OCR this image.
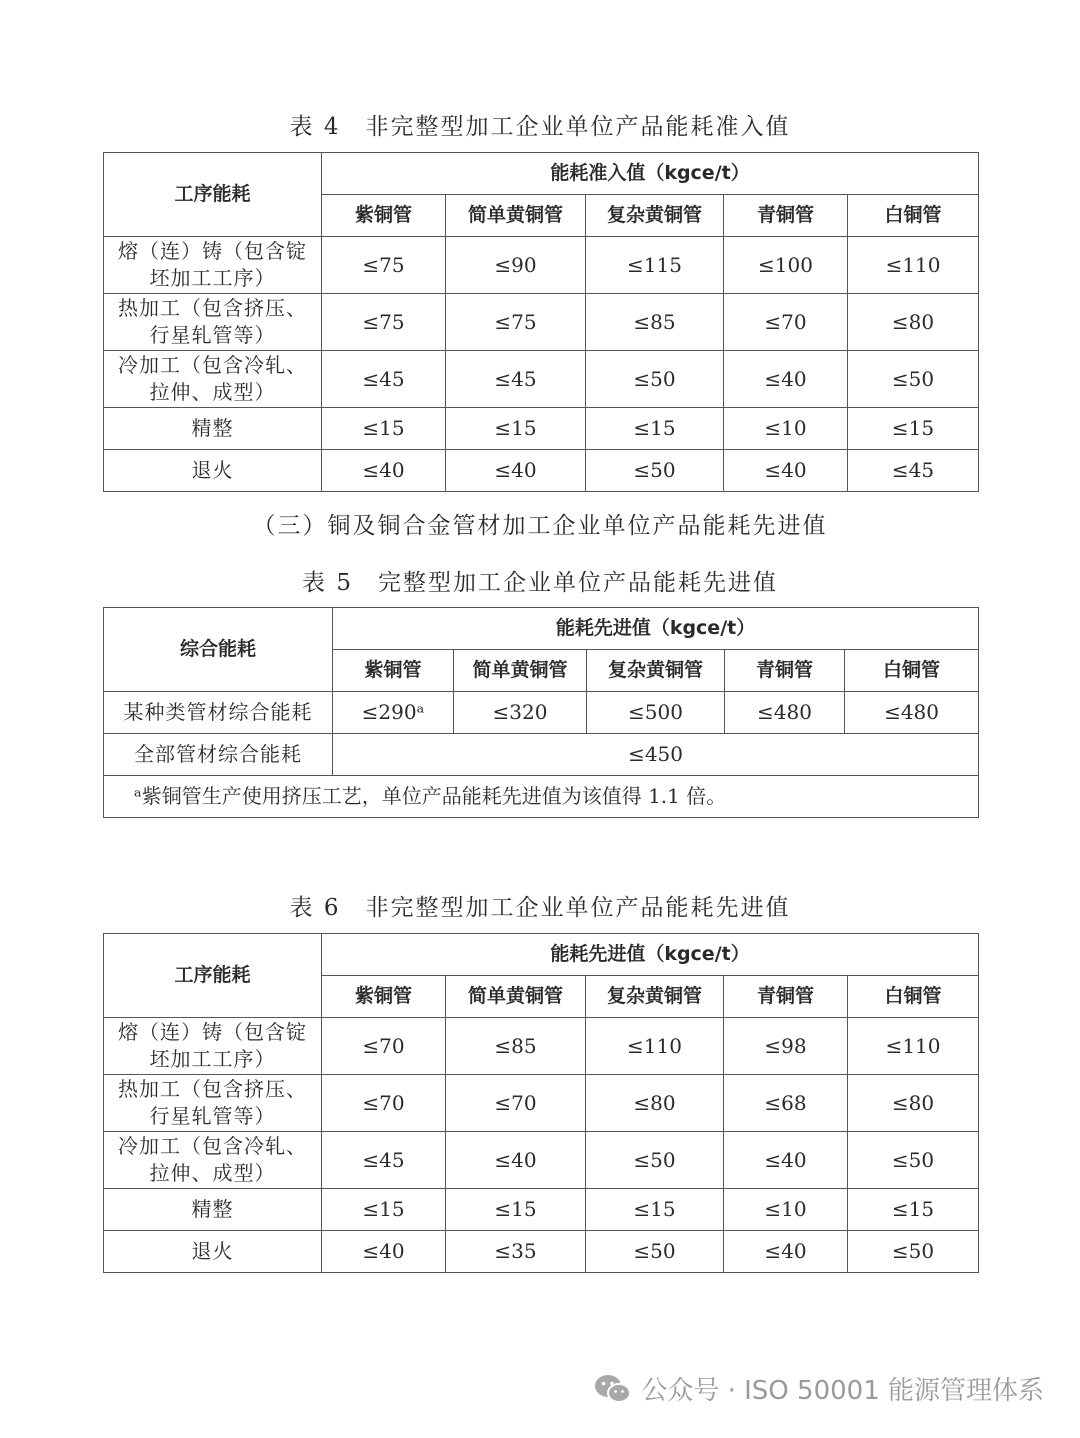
表 4　非完整型加工企业单位产品能耗准入值
工序能耗	能耗准入值（kgce/t）				
	紫铜管	简单黄铜管	复杂黄铜管	青铜管	白铜管

熔（连）铸（包含锭
坯加工工序）	≤75	≤90	≤115	≤100	≤110

热加工（包含挤压、
行星轧管等）	≤75	≤75	≤85	≤70	≤80

冷加工（包含冷轧、
拉伸、成型）	≤45	≤45	≤50	≤40	≤50
精整	≤15	≤15	≤15	≤10	≤15
退火	≤40	≤40	≤50	≤40	≤45
（三）铜及铜合金管材加工企业单位产品能耗先进值
表 5　完整型加工企业单位产品能耗先进值
综合能耗	能耗先进值（kgce/t）				
	紫铜管	简单黄铜管	复杂黄铜管	青铜管	白铜管
某种类管材综合能耗	≤290ᵃ	≤320	≤500	≤480	≤480
全部管材综合能耗	≤450				
ᵃ紫铜管生产使用挤压工艺，单位产品能耗先进值为该值得 1.1 倍。					
表 6　非完整型加工企业单位产品能耗先进值
工序能耗	能耗先进值（kgce/t）				
	紫铜管	简单黄铜管	复杂黄铜管	青铜管	白铜管

熔（连）铸（包含锭
坯加工工序）	≤70	≤85	≤110	≤98	≤110

热加工（包含挤压、
行星轧管等）	≤70	≤70	≤80	≤68	≤80

冷加工（包含冷轧、
拉伸、成型）	≤45	≤40	≤50	≤40	≤50
精整	≤15	≤15	≤15	≤10	≤15
退火	≤40	≤35	≤50	≤40	≤50
公众号 · ISO 50001 能源管理体系
